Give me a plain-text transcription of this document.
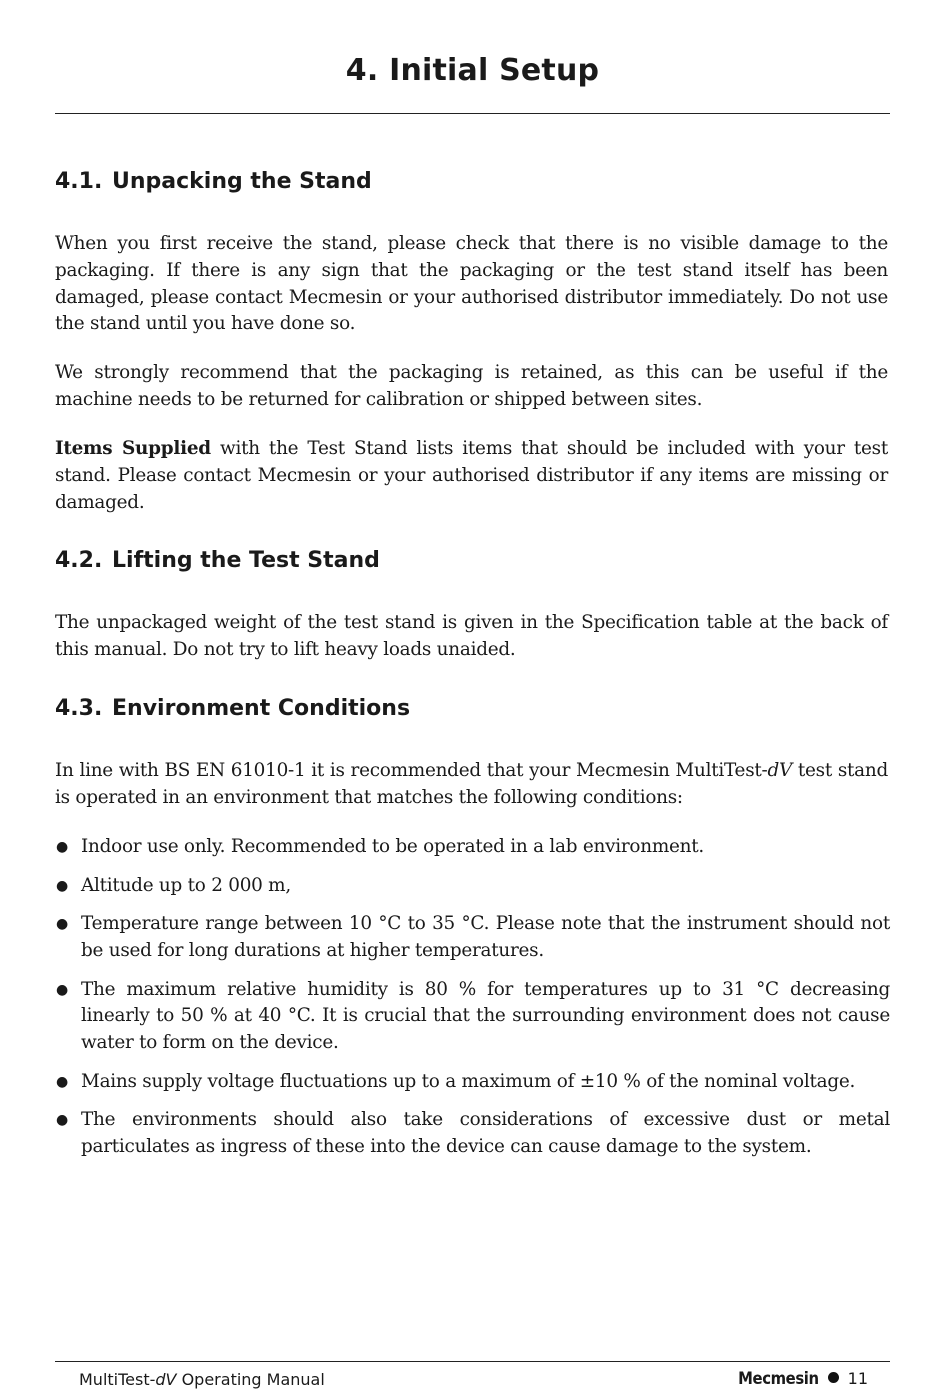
4. Initial Setup
4.1. Unpacking the Stand

When you first receive the stand, please check that there is no visible damage to the packaging. If there is any sign that the packaging or the test stand itself has been damaged, please contact Mecmesin or your authorised distributor immediately. Do not use the stand until you have done so.

We strongly recommend that the packaging is retained, as this can be useful if the machine needs to be returned for calibration or shipped between sites.

Items Supplied with the Test Stand lists items that should be included with your test stand. Please contact Mecmesin or your authorised distributor if any items are missing or damaged.

4.2. Lifting the Test Stand

The unpackaged weight of the test stand is given in the Specification table at the back of this manual. Do not try to lift heavy loads unaided.

4.3. Environment Conditions

In line with BS EN 61010-1 it is recommended that your Mecmesin MultiTest-dV test stand is operated in an environment that matches the following conditions:

● Indoor use only. Recommended to be operated in a lab environment.
● Altitude up to 2 000 m,
● Temperature range between 10 °C to 35 °C. Please note that the instrument should not be used for long durations at higher temperatures.
● The maximum relative humidity is 80 % for temperatures up to 31 °C decreasing linearly to 50 % at 40 °C. It is crucial that the surrounding environment does not cause water to form on the device.
● Mains supply voltage fluctuations up to a maximum of ±10 % of the nominal voltage.
● The environments should also take considerations of excessive dust or metal particulates as ingress of these into the device can cause damage to the system.
MultiTest-dV Operating Manual	Mecmesin 11
